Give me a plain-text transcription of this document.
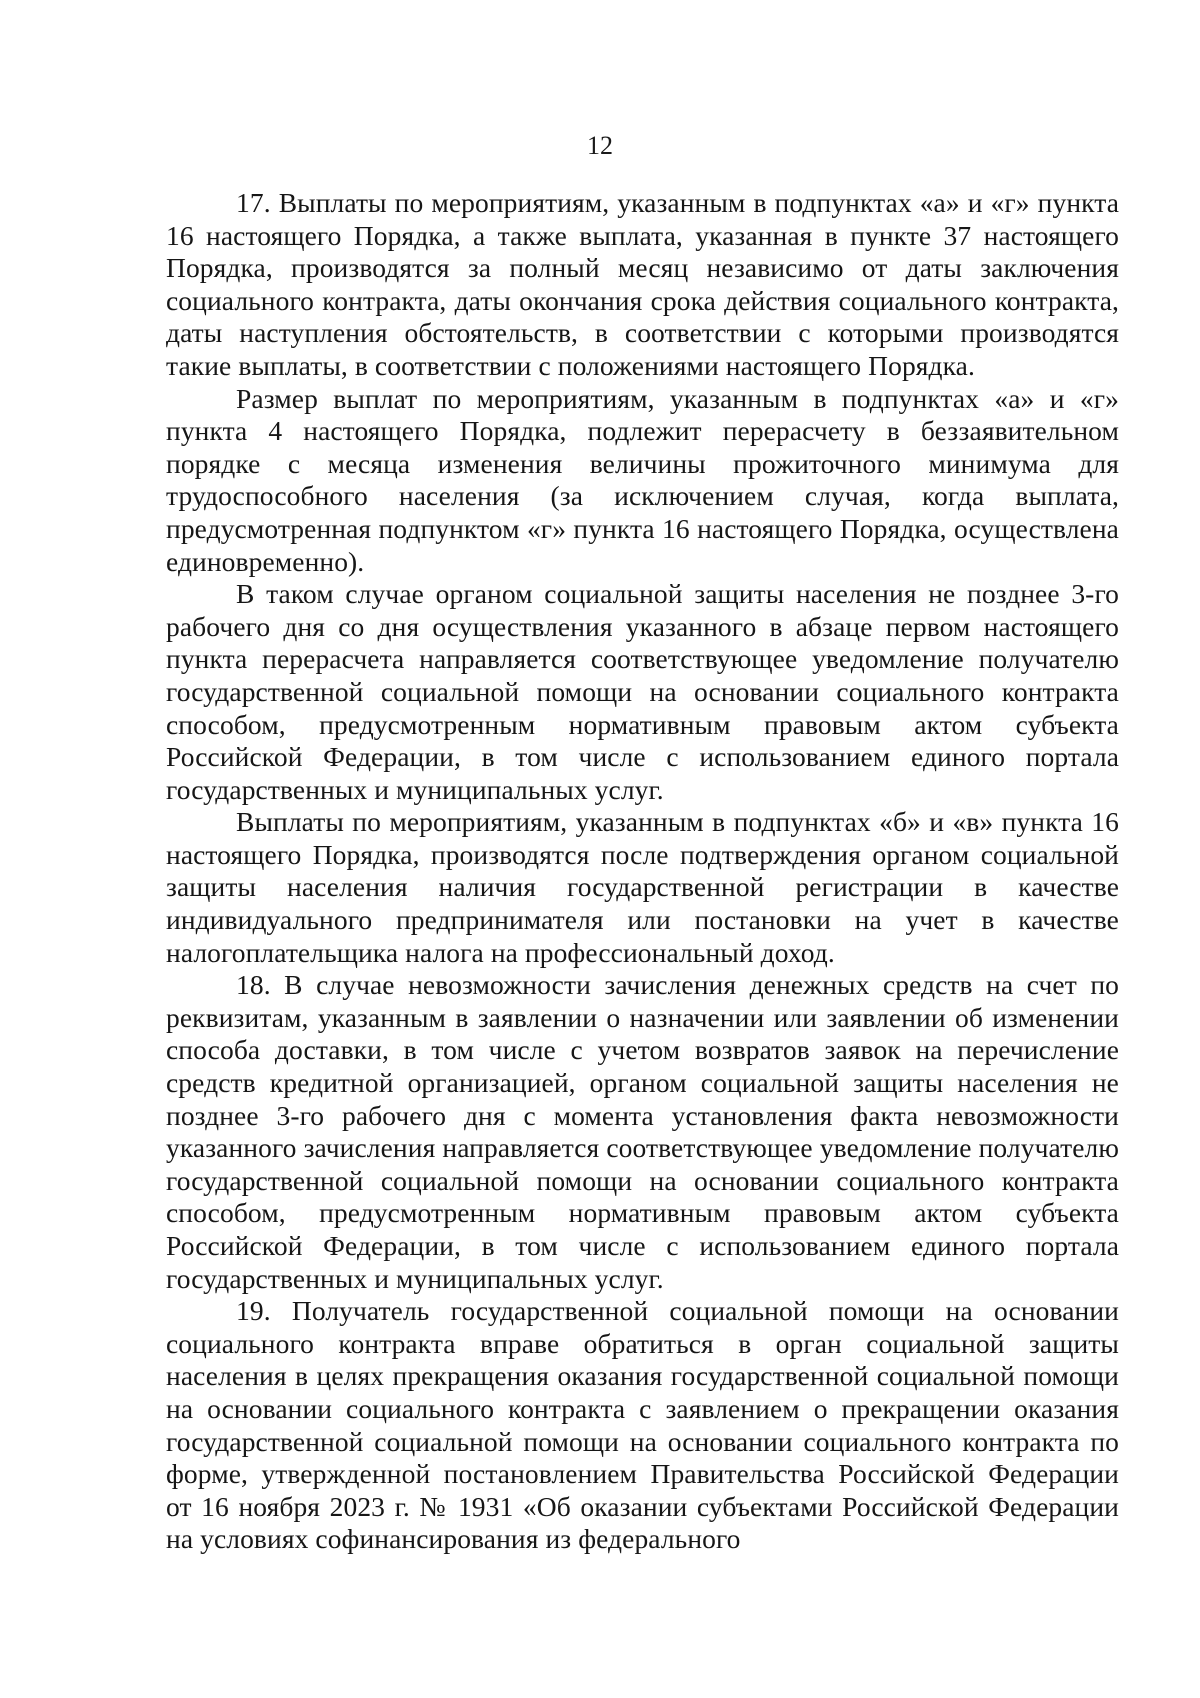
12

17. Выплаты по мероприятиям, указанным в подпунктах «а» и «г» пункта 16 настоящего Порядка, а также выплата, указанная в пункте 37 настоящего Порядка, производятся за полный месяц независимо от даты заключения социального контракта, даты окончания срока действия социального контракта, даты наступления обстоятельств, в соответствии с которыми производятся такие выплаты, в соответствии с положениями настоящего Порядка.

Размер выплат по мероприятиям, указанным в подпунктах «а» и «г» пункта 4 настоящего Порядка, подлежит перерасчету в беззаявительном порядке с месяца изменения величины прожиточного минимума для трудоспособного населения (за исключением случая, когда выплата, предусмотренная подпунктом «г» пункта 16 настоящего Порядка, осуществлена единовременно).

В таком случае органом социальной защиты населения не позднее 3-го рабочего дня со дня осуществления указанного в абзаце первом настоящего пункта перерасчета направляется соответствующее уведомление получателю государственной социальной помощи на основании социального контракта способом, предусмотренным нормативным правовым актом субъекта Российской Федерации, в том числе с использованием единого портала государственных и муниципальных услуг.

Выплаты по мероприятиям, указанным в подпунктах «б» и «в» пункта 16 настоящего Порядка, производятся после подтверждения органом социальной защиты населения наличия государственной регистрации в качестве индивидуального предпринимателя или постановки на учет в качестве налогоплательщика налога на профессиональный доход.

18. В случае невозможности зачисления денежных средств на счет по реквизитам, указанным в заявлении о назначении или заявлении об изменении способа доставки, в том числе с учетом возвратов заявок на перечисление средств кредитной организацией, органом социальной защиты населения не позднее 3-го рабочего дня с момента установления факта невозможности указанного зачисления направляется соответствующее уведомление получателю государственной социальной помощи на основании социального контракта способом, предусмотренным нормативным правовым актом субъекта Российской Федерации, в том числе с использованием единого портала государственных и муниципальных услуг.

19. Получатель государственной социальной помощи на основании социального контракта вправе обратиться в орган социальной защиты населения в целях прекращения оказания государственной социальной помощи на основании социального контракта с заявлением о прекращении оказания государственной социальной помощи на основании социального контракта по форме, утвержденной постановлением Правительства Российской Федерации от 16 ноября 2023 г. № 1931 «Об оказании субъектами Российской Федерации на условиях софинансирования из федерального
